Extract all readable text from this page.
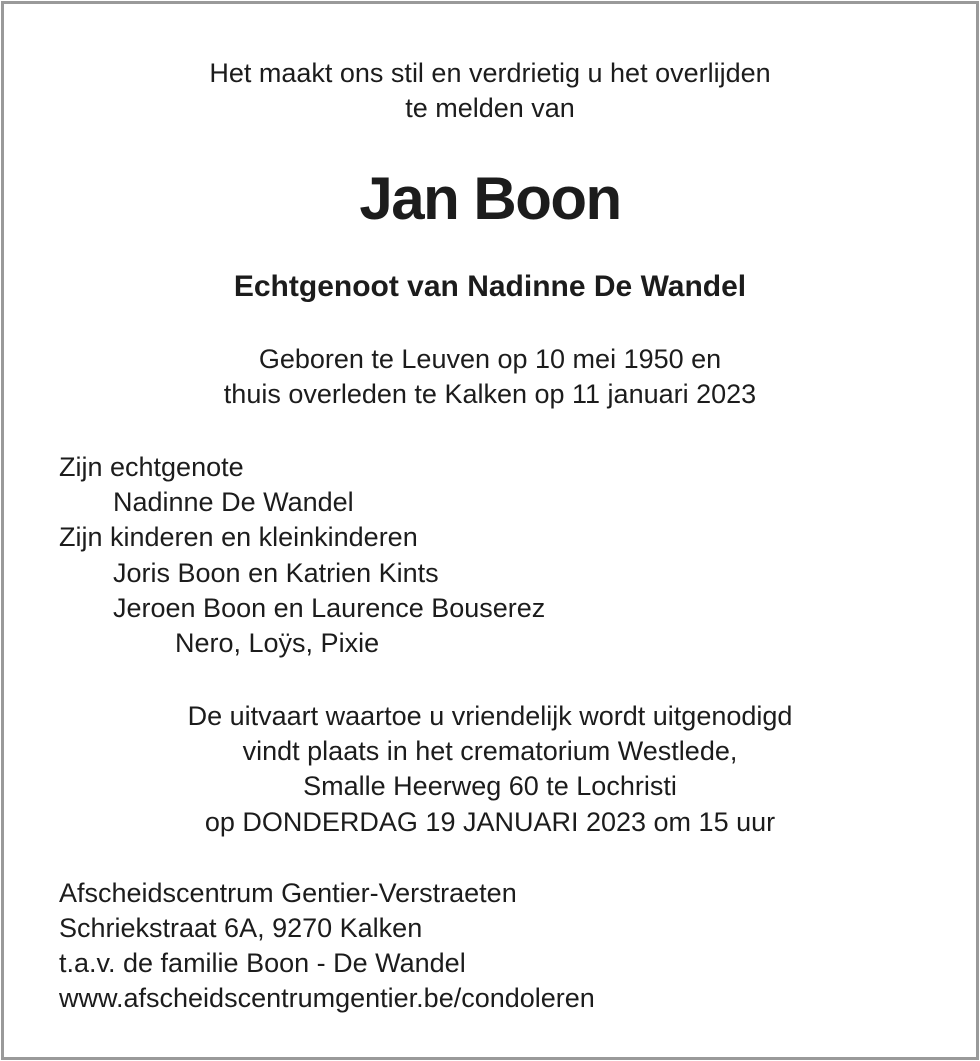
Het maakt ons stil en verdrietig u het overlijden
te melden van
Jan Boon
Echtgenoot van Nadinne De Wandel
Geboren te Leuven op 10 mei 1950 en
thuis overleden te Kalken op 11 januari 2023
Zijn echtgenote
Nadinne De Wandel
Zijn kinderen en kleinkinderen
Joris Boon en Katrien Kints
Jeroen Boon en Laurence Bouserez
Nero, Loÿs, Pixie
De uitvaart waartoe u vriendelijk wordt uitgenodigd
vindt plaats in het crematorium Westlede,
Smalle Heerweg 60 te Lochristi
op DONDERDAG 19 JANUARI 2023 om 15 uur
Afscheidscentrum Gentier-Verstraeten
Schriekstraat 6A, 9270 Kalken
t.a.v. de familie Boon - De Wandel
www.afscheidscentrumgentier.be/condoleren
